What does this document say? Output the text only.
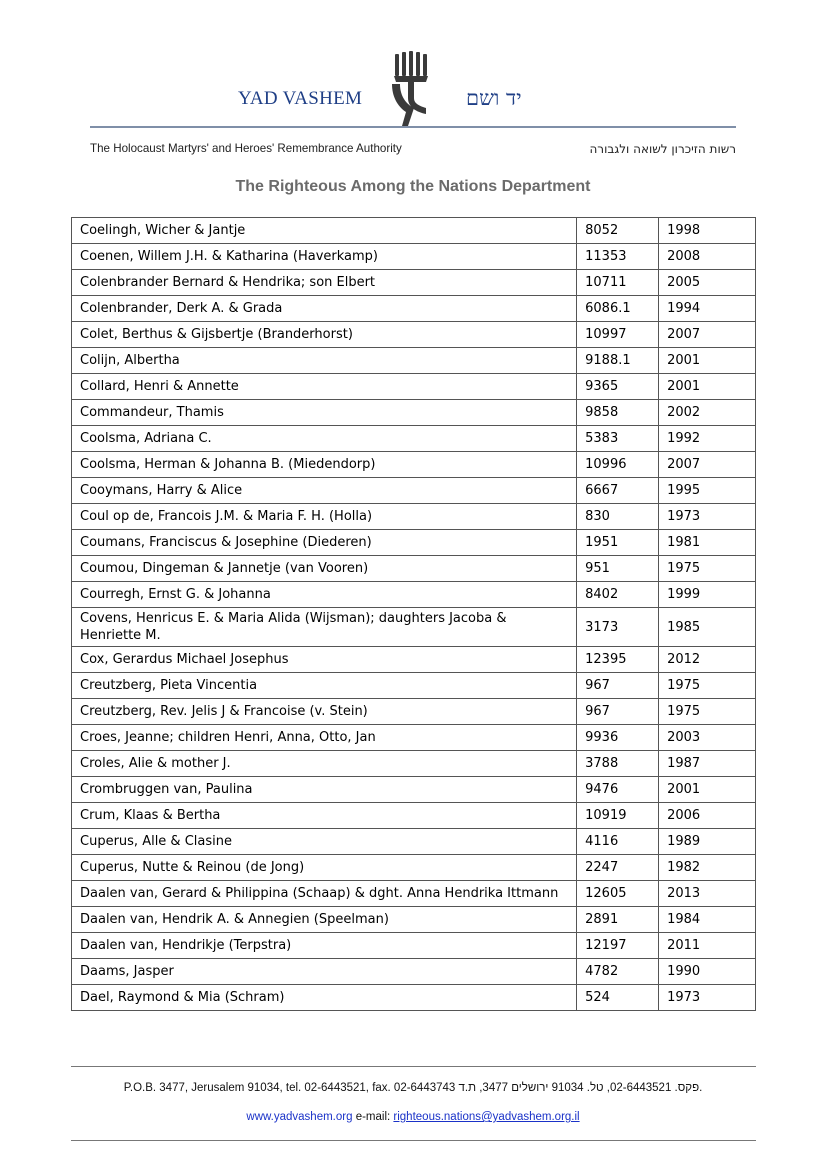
YAD VASHEM	יד ושם
The Holocaust Martyrs' and Heroes' Remembrance Authority	רשות הזיכרון לשואה ולגבורה
The Righteous Among the Nations Department
Coelingh, Wicher & Jantje	8052	1998
Coenen, Willem J.H. & Katharina (Haverkamp)	11353	2008
Colenbrander Bernard & Hendrika; son Elbert	10711	2005
Colenbrander, Derk A. & Grada	6086.1	1994
Colet, Berthus & Gijsbertje (Branderhorst)	10997	2007
Colijn, Albertha	9188.1	2001
Collard, Henri & Annette	9365	2001
Commandeur, Thamis	9858	2002
Coolsma, Adriana C.	5383	1992
Coolsma, Herman & Johanna B. (Miedendorp)	10996	2007
Cooymans, Harry & Alice	6667	1995
Coul op de, Francois J.M. & Maria F. H. (Holla)	830	1973
Coumans, Franciscus & Josephine (Diederen)	1951	1981
Coumou, Dingeman & Jannetje (van Vooren)	951	1975
Courregh, Ernst G. & Johanna	8402	1999
Covens, Henricus E. & Maria Alida (Wijsman); daughters Jacoba & Henriette M.	3173	1985
Cox, Gerardus Michael Josephus	12395	2012
Creutzberg, Pieta Vincentia	967	1975
Creutzberg, Rev. Jelis J & Francoise (v. Stein)	967	1975
Croes, Jeanne; children Henri, Anna, Otto, Jan	9936	2003
Croles, Alie & mother J.	3788	1987
Crombruggen van, Paulina	9476	2001
Crum, Klaas & Bertha	10919	2006
Cuperus, Alle & Clasine	4116	1989
Cuperus, Nutte & Reinou (de Jong)	2247	1982
Daalen van, Gerard & Philippina (Schaap) & dght. Anna Hendrika Ittmann	12605	2013
Daalen van, Hendrik A. & Annegien (Speelman)	2891	1984
Daalen van, Hendrikje (Terpstra)	12197	2011
Daams, Jasper	4782	1990
Dael, Raymond & Mia (Schram)	524	1973
P.O.B. 3477, Jerusalem 91034, tel. 02-6443521, fax. 02-6443743 ‏פקס. 02-6443521, טל. 91034 ירושלים 3477, ת.ד.
www.yadvashem.org e-mail: righteous.nations@yadvashem.org.il
